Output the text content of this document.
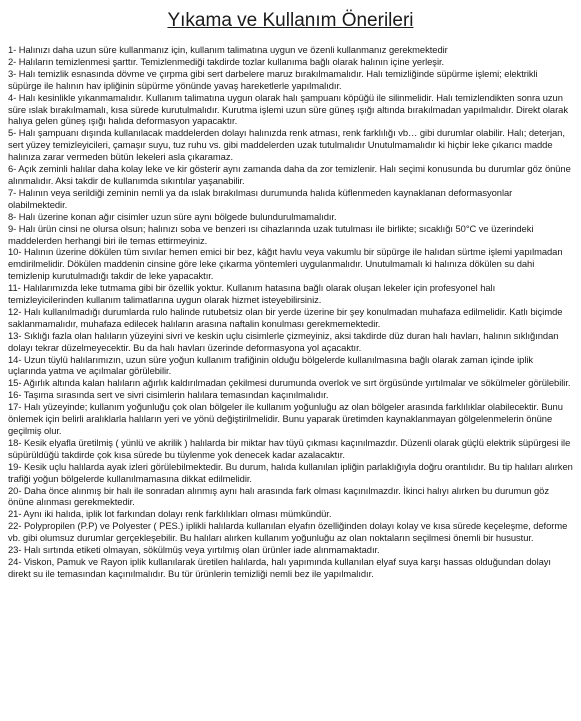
Yıkama ve Kullanım Önerileri

1- Halınızı daha uzun süre kullanmanız için, kullanım talimatına uygun ve özenli kullanmanız gerekmektedir

2- Halıların temizlenmesi şarttır. Temizlenmediği takdirde tozlar kullanıma bağlı olarak halının içine yerleşir.

3- Halı temizlik esnasında dövme ve çırpma gibi sert darbelere maruz bırakılmamalıdır. Halı temizliğinde süpürme işlemi; elektrikli süpürge ile halının hav ipliğinin süpürme yönünde yavaş hareketlerle yapılmalıdır.

4- Halı kesinlikle yıkanmamalıdır. Kullanım talimatına uygun olarak halı şampuanı köpüğü ile silinmelidir. Halı temizlendikten sonra uzun süre ıslak bırakılmamalı, kısa sürede kurutulmalıdır. Kurutma işlemi uzun süre güneş ışığı altında bırakılmadan yapılmalıdır. Direkt olarak halıya gelen güneş ışığı halıda deformasyon yapacaktır.

5- Halı şampuanı dışında kullanılacak maddelerden dolayı halınızda renk atması, renk farklılığı vb… gibi durumlar olabilir. Halı; deterjan, sert yüzey temizleyicileri, çamaşır suyu, tuz ruhu vs. gibi maddelerden uzak tutulmalıdır Unutulmamalıdır ki hiçbir leke çıkarıcı madde halınıza zarar vermeden bütün lekeleri asla çıkaramaz.

6- Açık zeminli halılar daha kolay leke ve kir gösterir aynı zamanda daha da zor temizlenir. Halı seçimi konusunda bu durumlar göz önüne alınmalıdır. Aksi takdir de kullanımda sıkıntılar yaşanabilir.

7- Halının veya serildiği zeminin nemli ya da ıslak bırakılması durumunda halıda küflenmeden kaynaklanan deformasyonlar olabilmektedir.

8- Halı üzerine konan ağır cisimler uzun süre aynı bölgede bulundurulmamalıdır.

9- Halı ürün cinsi ne olursa olsun; halınızı soba ve benzeri ısı cihazlarında uzak tutulması ile birlikte; sıcaklığı 50°C ve üzerindeki maddelerden herhangi biri ile temas ettirmeyiniz.

10- Halının üzerine dökülen tüm sıvılar hemen emici bir bez, kâğıt havlu veya vakumlu bir süpürge ile halıdan sürtme işlemi yapılmadan emdirilmelidir. Dökülen maddenin cinsine göre leke çıkarma yöntemleri uygulanmalıdır. Unutulmamalı ki halınıza dökülen su dahi temizlenip kurutulmadığı takdir de leke yapacaktır.

11- Halılarımızda leke tutmama gibi bir özellik yoktur. Kullanım hatasına bağlı olarak oluşan lekeler için profesyonel halı temizleyicilerinden kullanım talimatlarına uygun olarak hizmet isteyebilirsiniz.

12- Halı kullanılmadığı durumlarda rulo halinde rutubetsiz olan bir yerde üzerine bir şey konulmadan muhafaza edilmelidir. Katlı biçimde saklanmamalıdır, muhafaza edilecek halıların arasına naftalin konulması gerekmemektedir.

13- Sıklığı fazla olan halıların yüzeyini sivri ve keskin uçlu cisimlerle çizmeyiniz, aksi takdirde düz duran halı havları, halının sıklığından dolayı tekrar düzelmeyecektir. Bu da halı havları üzerinde deformasyona yol açacaktır.

14- Uzun tüylü halılarımızın, uzun süre yoğun kullanım trafiğinin olduğu bölgelerde kullanılmasına bağlı olarak zaman içinde iplik uçlarında yatma ve açılmalar görülebilir.

15- Ağırlık altında kalan halıların ağırlık kaldırılmadan çekilmesi durumunda overlok ve sırt örgüsünde yırtılmalar ve sökülmeler görülebilir.

16- Taşıma sırasında sert ve sivri cisimlerin halılara temasından kaçınılmalıdır.

17- Halı yüzeyinde; kullanım yoğunluğu çok olan bölgeler ile kullanım yoğunluğu az olan bölgeler arasında farklılıklar olabilecektir. Bunu önlemek için belirli aralıklarla halıların yeri ve yönü değiştirilmelidir. Bunu yaparak üretimden kaynaklanmayan gölgelenmelerin önüne geçilmiş olur.

18- Kesik elyafla üretilmiş ( yünlü ve akrilik ) halılarda bir miktar hav tüyü çıkması kaçınılmazdır. Düzenli olarak güçlü elektrik süpürgesi ile süpürüldüğü takdirde çok kısa sürede bu tüylenme yok denecek kadar azalacaktır.

19- Kesik uçlu halılarda ayak izleri görülebilmektedir. Bu durum, halıda kullanılan ipliğin parlaklığıyla doğru orantılıdır. Bu tip halıları alırken trafiği yoğun bölgelerde kullanılmamasına dikkat edilmelidir.

20- Daha önce alınmış bir halı ile sonradan alınmış aynı halı arasında fark olması kaçınılmazdır. İkinci halıyı alırken bu durumun göz önüne alınması gerekmektedir.

21- Aynı iki halıda, iplik lot farkından dolayı renk farklılıkları olması mümkündür.

22- Polypropilen (P.P) ve Polyester ( PES.) iplikli halılarda kullanılan elyafın özelliğinden dolayı kolay ve kısa sürede keçeleşme, deforme vb. gibi olumsuz durumlar gerçekleşebilir. Bu halıları alırken kullanım yoğunluğu az olan noktaların seçilmesi önemli bir husustur.

23- Halı sırtında etiketi olmayan, sökülmüş veya yırtılmış olan ürünler iade alınmamaktadır.

24- Viskon, Pamuk ve Rayon iplik kullanılarak üretilen halılarda, halı yapımında kullanılan elyaf suya karşı hassas olduğundan dolayı direkt su ile temasından kaçınılmalıdır. Bu tür ürünlerin temizliği nemli bez ile yapılmalıdır.
